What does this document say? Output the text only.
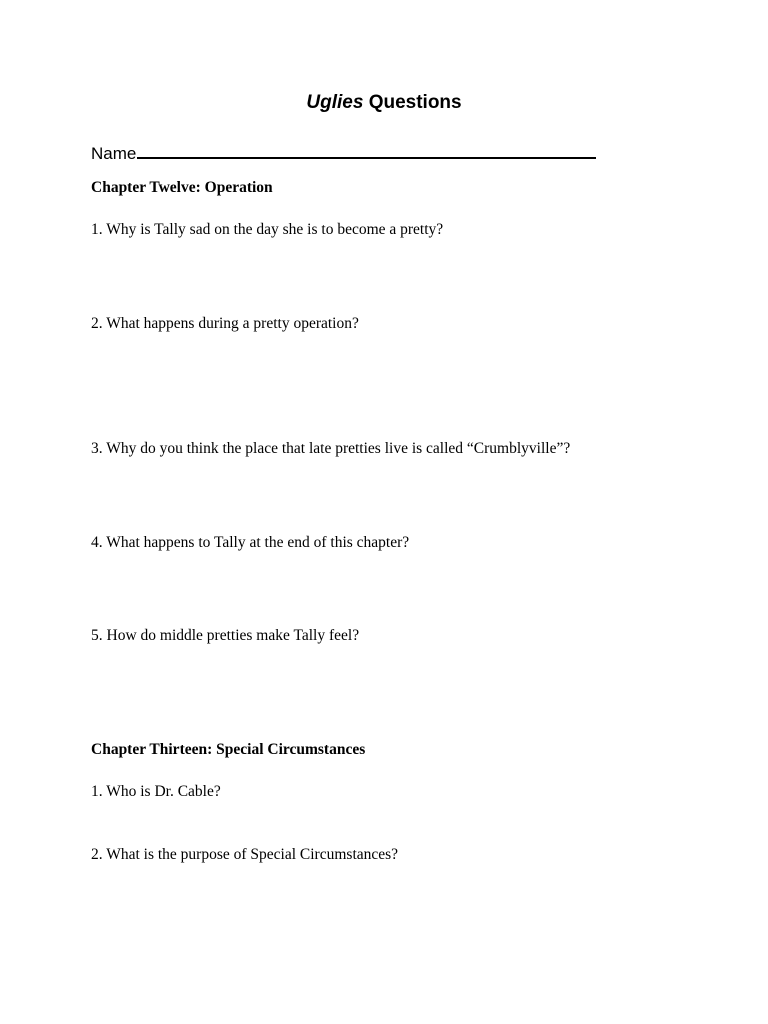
Uglies Questions
Name

Chapter Twelve: Operation

1. Why is Tally sad on the day she is to become a pretty?

2. What happens during a pretty operation?

3. Why do you think the place that late pretties live is called “Crumblyville”?

4. What happens to Tally at the end of this chapter?

5. How do middle pretties make Tally feel?

Chapter Thirteen: Special Circumstances

1. Who is Dr. Cable?

2. What is the purpose of Special Circumstances?
